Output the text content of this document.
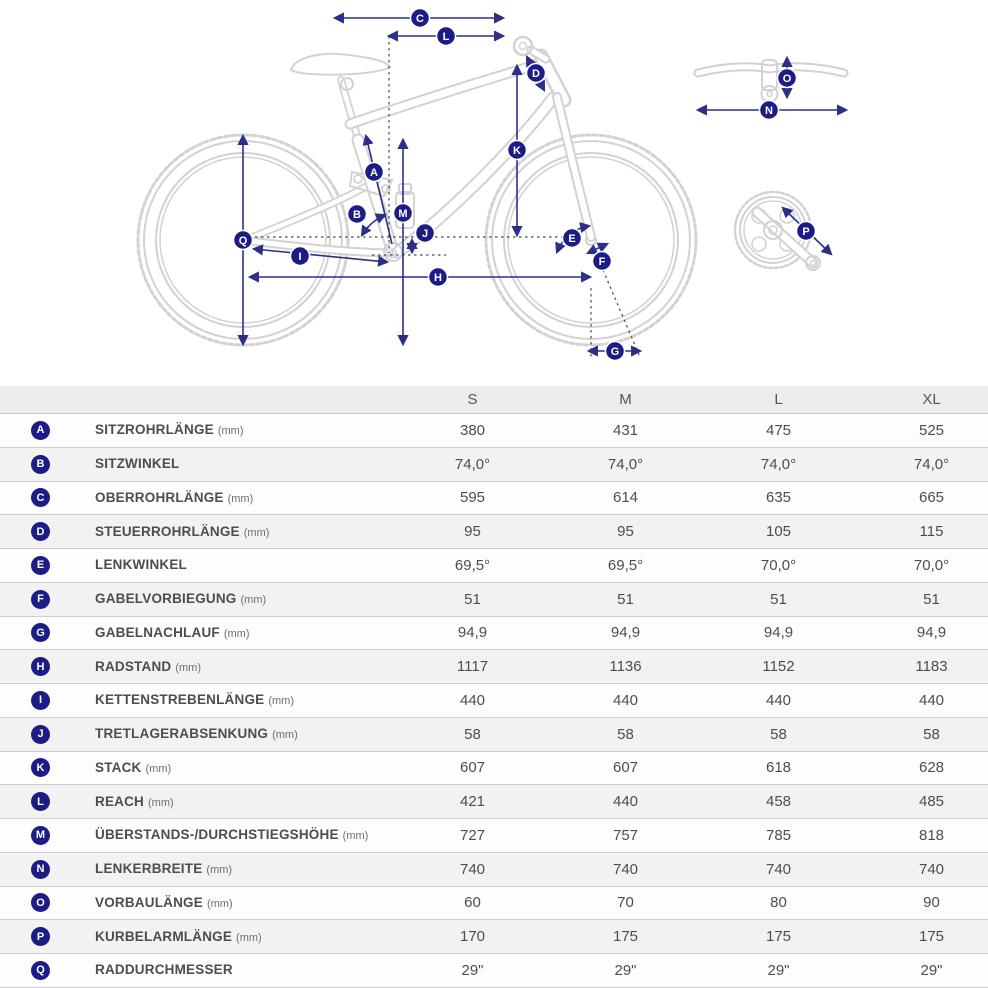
A
B
C
D
E
F
G
H
I
J
K
L
M
N
O
P
Q
S	M	L	XL
A	SITZROHRLÄNGE (mm)	380	431	475	525
B	SITZWINKEL	74,0°	74,0°	74,0°	74,0°
C	OBERROHRLÄNGE (mm)	595	614	635	665
D	STEUERROHRLÄNGE (mm)	95	95	105	115
E	LENKWINKEL	69,5°	69,5°	70,0°	70,0°
F	GABELVORBIEGUNG (mm)	51	51	51	51
G	GABELNACHLAUF (mm)	94,9	94,9	94,9	94,9
H	RADSTAND (mm)	1117	1136	1152	1183
I	KETTENSTREBENLÄNGE (mm)	440	440	440	440
J	TRETLAGERABSENKUNG (mm)	58	58	58	58
K	STACK (mm)	607	607	618	628
L	REACH (mm)	421	440	458	485
M	ÜBERSTANDS-/DURCHSTIEGSHÖHE (mm)	727	757	785	818
N	LENKERBREITE (mm)	740	740	740	740
O	VORBAULÄNGE (mm)	60	70	80	90
P	KURBELARMLÄNGE (mm)	170	175	175	175
Q	RADDURCHMESSER	29"	29"	29"	29"
